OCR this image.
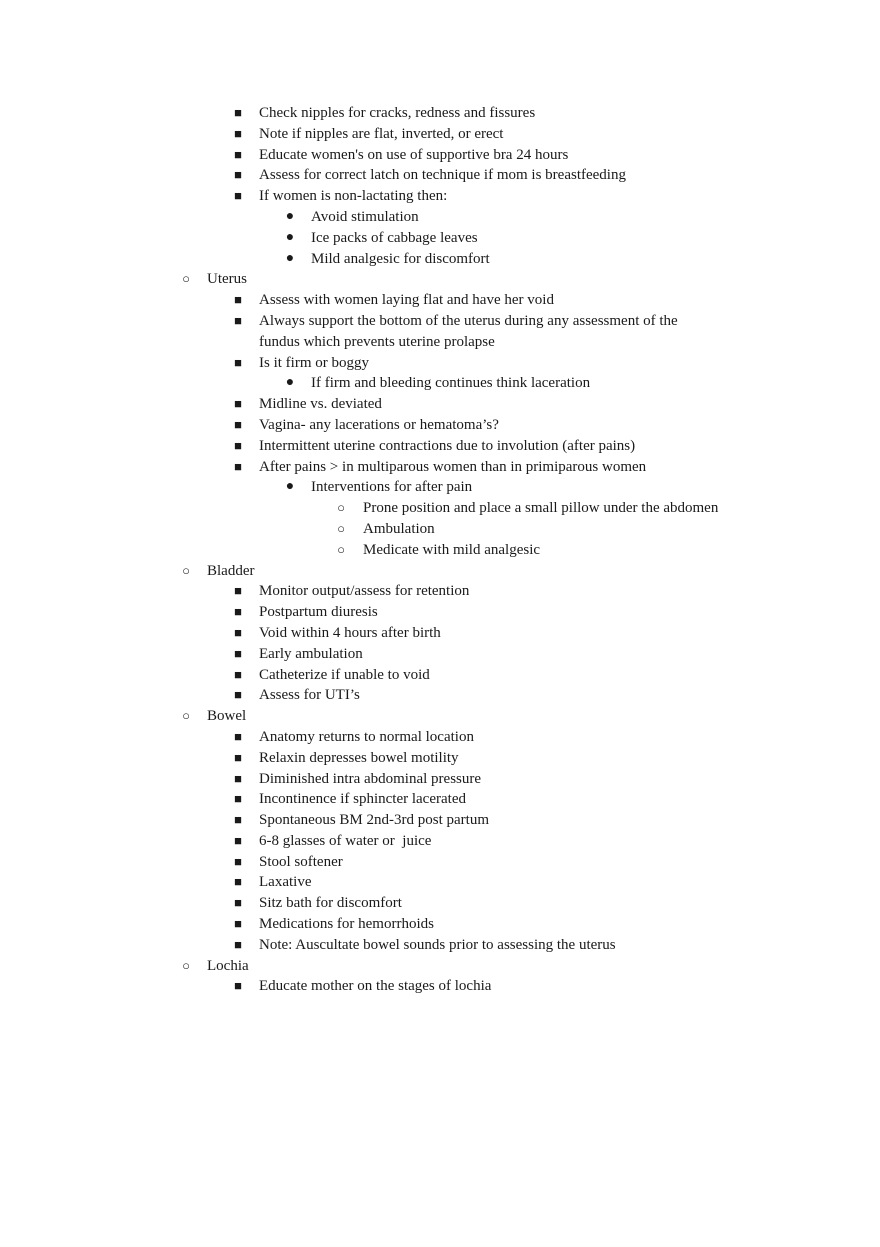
■ Check nipples for cracks, redness and fissures
■ Note if nipples are flat, inverted, or erect
■ Educate women's on use of supportive bra 24 hours
■ Assess for correct latch on technique if mom is breastfeeding
■ If women is non-lactating then:
● Avoid stimulation
● Ice packs of cabbage leaves
● Mild analgesic for discomfort
○ Uterus
■ Assess with women laying flat and have her void
■ Always support the bottom of the uterus during any assessment of the
fundus which prevents uterine prolapse
■ Is it firm or boggy
● If firm and bleeding continues think laceration
■ Midline vs. deviated
■ Vagina- any lacerations or hematoma’s?
■ Intermittent uterine contractions due to involution (after pains)
■ After pains > in multiparous women than in primiparous women
● Interventions for after pain
○ Prone position and place a small pillow under the abdomen
○ Ambulation
○ Medicate with mild analgesic
○ Bladder
■ Monitor output/assess for retention
■ Postpartum diuresis
■ Void within 4 hours after birth
■ Early ambulation
■ Catheterize if unable to void
■ Assess for UTI’s
○ Bowel
■ Anatomy returns to normal location
■ Relaxin depresses bowel motility
■ Diminished intra abdominal pressure
■ Incontinence if sphincter lacerated
■ Spontaneous BM 2nd-3rd post partum
■ 6-8 glasses of water or  juice
■ Stool softener
■ Laxative
■ Sitz bath for discomfort
■ Medications for hemorrhoids
■ Note: Auscultate bowel sounds prior to assessing the uterus
○ Lochia
■ Educate mother on the stages of lochia
